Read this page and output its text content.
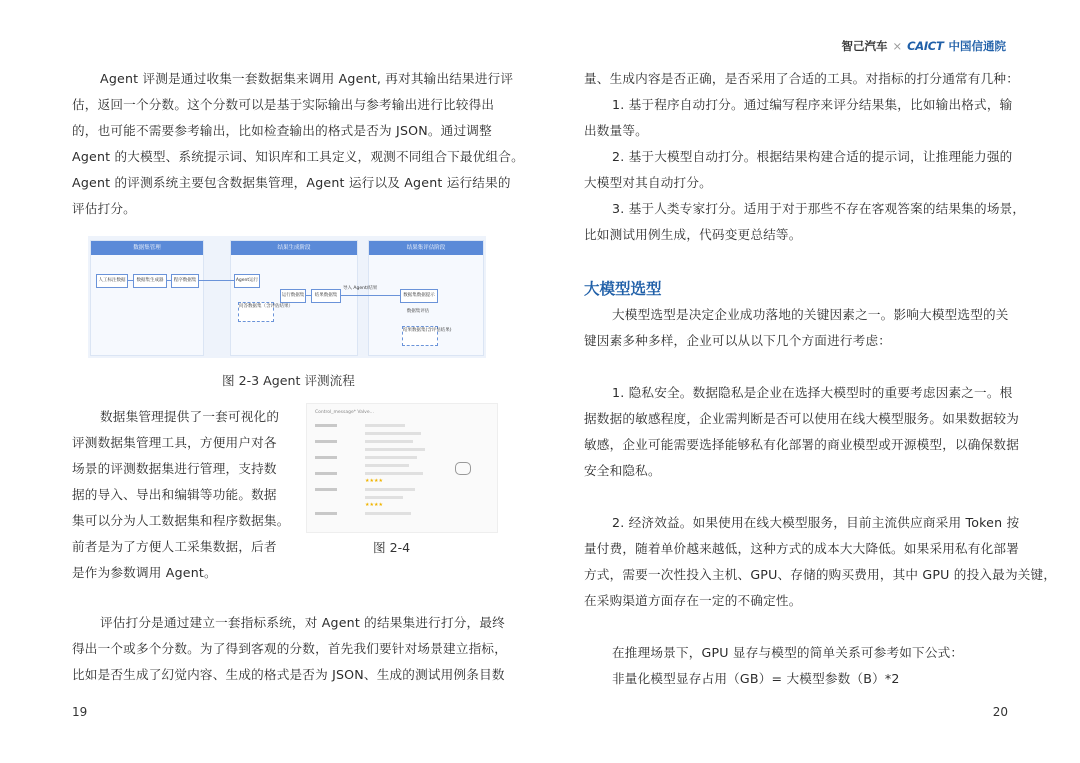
Agent 评测是通过收集一套数据集来调用 Agent, 再对其输出结果进行评
估，返回一个分数。这个分数可以是基于实际输出与参考输出进行比较得出
的，也可能不需要参考输出，比如检查输出的格式是否为 JSON。通过调整
Agent 的大模型、系统提示词、知识库和工具定义，观测不同组合下最优组合。
Agent 的评测系统主要包含数据集管理，Agent 运行以及 Agent 运行结果的
评估打分。
数据集管理	结果生成阶段	结果集评估阶段
人工标注数据	数据集生成器	程序数据集	Agent运行
运行数据集	结果数据集
问答数据集（含评估结果）
导入 Agent/结果
数据集数据提示
数据集评估
结果数据集(含评估结果)
图 2-3 Agent 评测流程
数据集管理提供了一套可视化的
评测数据集管理工具，方便用户对各
场景的评测数据集进行管理，支持数
据的导入、导出和编辑等功能。数据
集可以分为人工数据集和程序数据集。
前者是为了方便人工采集数据，后者
是作为参数调用 Agent。
Control_message* Valve...
★★★★
★★★★
图 2-4
评估打分是通过建立一套指标系统，对 Agent 的结果集进行打分，最终
得出一个或多个分数。为了得到客观的分数，首先我们要针对场景建立指标，
比如是否生成了幻觉内容、生成的格式是否为 JSON、生成的测试用例条目数
19
智己汽车 × CAICT 中国信通院
量、生成内容是否正确，是否采用了合适的工具。对指标的打分通常有几种：
1. 基于程序自动打分。通过编写程序来评分结果集，比如输出格式，输
出数量等。
2. 基于大模型自动打分。根据结果构建合适的提示词，让推理能力强的
大模型对其自动打分。
3. 基于人类专家打分。适用于对于那些不存在客观答案的结果集的场景，
比如测试用例生成，代码变更总结等。
大模型选型
大模型选型是决定企业成功落地的关键因素之一。影响大模型选型的关
键因素多种多样，企业可以从以下几个方面进行考虑：
1. 隐私安全。数据隐私是企业在选择大模型时的重要考虑因素之一。根
据数据的敏感程度，企业需判断是否可以使用在线大模型服务。如果数据较为
敏感，企业可能需要选择能够私有化部署的商业模型或开源模型，以确保数据
安全和隐私。
2. 经济效益。如果使用在线大模型服务，目前主流供应商采用 Token 按
量付费，随着单价越来越低，这种方式的成本大大降低。如果采用私有化部署
方式，需要一次性投入主机、GPU、存储的购买费用，其中 GPU 的投入最为关键，
在采购渠道方面存在一定的不确定性。
在推理场景下，GPU 显存与模型的简单关系可参考如下公式：
非量化模型显存占用（GB）= 大模型参数（B）*2
20
